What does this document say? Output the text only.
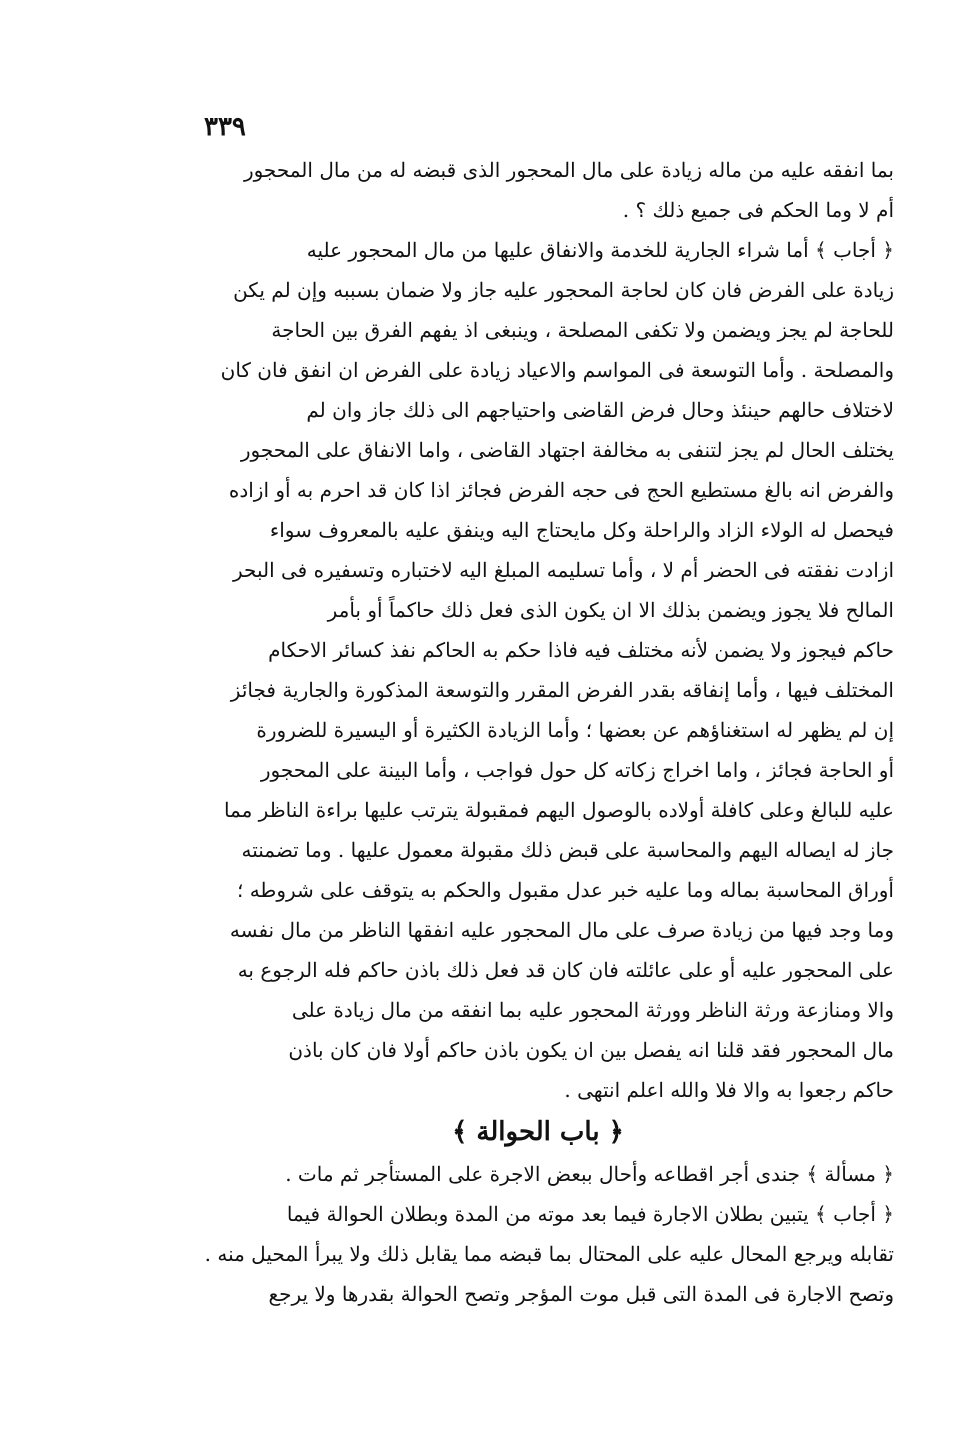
٣٣٩
بما انفقه عليه من ماله زيادة على مال المحجور الذى قبضه له من مال المحجور
أم لا وما الحكم فى جميع ذلك ؟ .
﴿ أجاب ﴾ أما شراء الجارية للخدمة والانفاق عليها من مال المحجور عليه
زيادة على الفرض فان كان لحاجة المحجور عليه جاز ولا ضمان بسببه وإن لم يكن
للحاجة لم يجز ويضمن ولا تكفى المصلحة ، وينبغى اذ يفهم الفرق بين الحاجة
والمصلحة . وأما التوسعة فى المواسم والاعياد زيادة على الفرض ان انفق فان كان
لاختلاف حالهم حينئذ وحال فرض القاضى واحتياجهم الى ذلك جاز وان لم
يختلف الحال لم يجز لتنفى به مخالفة اجتهاد القاضى ، واما الانفاق على المحجور
والفرض انه بالغ مستطيع الحج فى حجه الفرض فجائز اذا كان قد احرم به أو ازاده
فيحصل له الولاء الزاد والراحلة وكل مايحتاج اليه وينفق عليه بالمعروف سواء
ازادت نفقته فى الحضر أم لا ، وأما تسليمه المبلغ اليه لاختباره وتسفيره فى البحر
المالح فلا يجوز ويضمن بذلك الا ان يكون الذى فعل ذلك حاكماً أو بأمر
حاكم فيجوز ولا يضمن لأنه مختلف فيه فاذا حكم به الحاكم نفذ كسائر الاحكام
المختلف فيها ، وأما إنفاقه بقدر الفرض المقرر والتوسعة المذكورة والجارية فجائز
إن لم يظهر له استغناؤهم عن بعضها ؛ وأما الزيادة الكثيرة أو اليسيرة للضرورة
أو الحاجة فجائز ، واما اخراج زكاته كل حول فواجب ، وأما البينة على المحجور
عليه للبالغ وعلى كافلة أولاده بالوصول اليهم فمقبولة يترتب عليها براءة الناظر مما
جاز له ايصاله اليهم والمحاسبة على قبض ذلك مقبولة معمول عليها . وما تضمنته
أوراق المحاسبة بماله وما عليه خبر عدل مقبول والحكم به يتوقف على شروطه ؛
وما وجد فيها من زيادة صرف على مال المحجور عليه انفقها الناظر من مال نفسه
على المحجور عليه أو على عائلته فان كان قد فعل ذلك باذن حاكم فله الرجوع به
والا ومنازعة ورثة الناظر وورثة المحجور عليه بما انفقه من مال زيادة على
مال المحجور فقد قلنا انه يفصل بين ان يكون باذن حاكم أولا فان كان باذن
حاكم رجعوا به والا فلا والله اعلم انتهى .
﴿ باب الحوالة ﴾
﴿ مسألة ﴾ جندى أجر اقطاعه وأحال ببعض الاجرة على المستأجر ثم مات .
﴿ أجاب ﴾ يتبين بطلان الاجارة فيما بعد موته من المدة وبطلان الحوالة فيما
تقابله ويرجع المحال عليه على المحتال بما قبضه مما يقابل ذلك ولا يبرأ المحيل منه .
وتصح الاجارة فى المدة التى قبل موت المؤجر وتصح الحوالة بقدرها ولا يرجع
